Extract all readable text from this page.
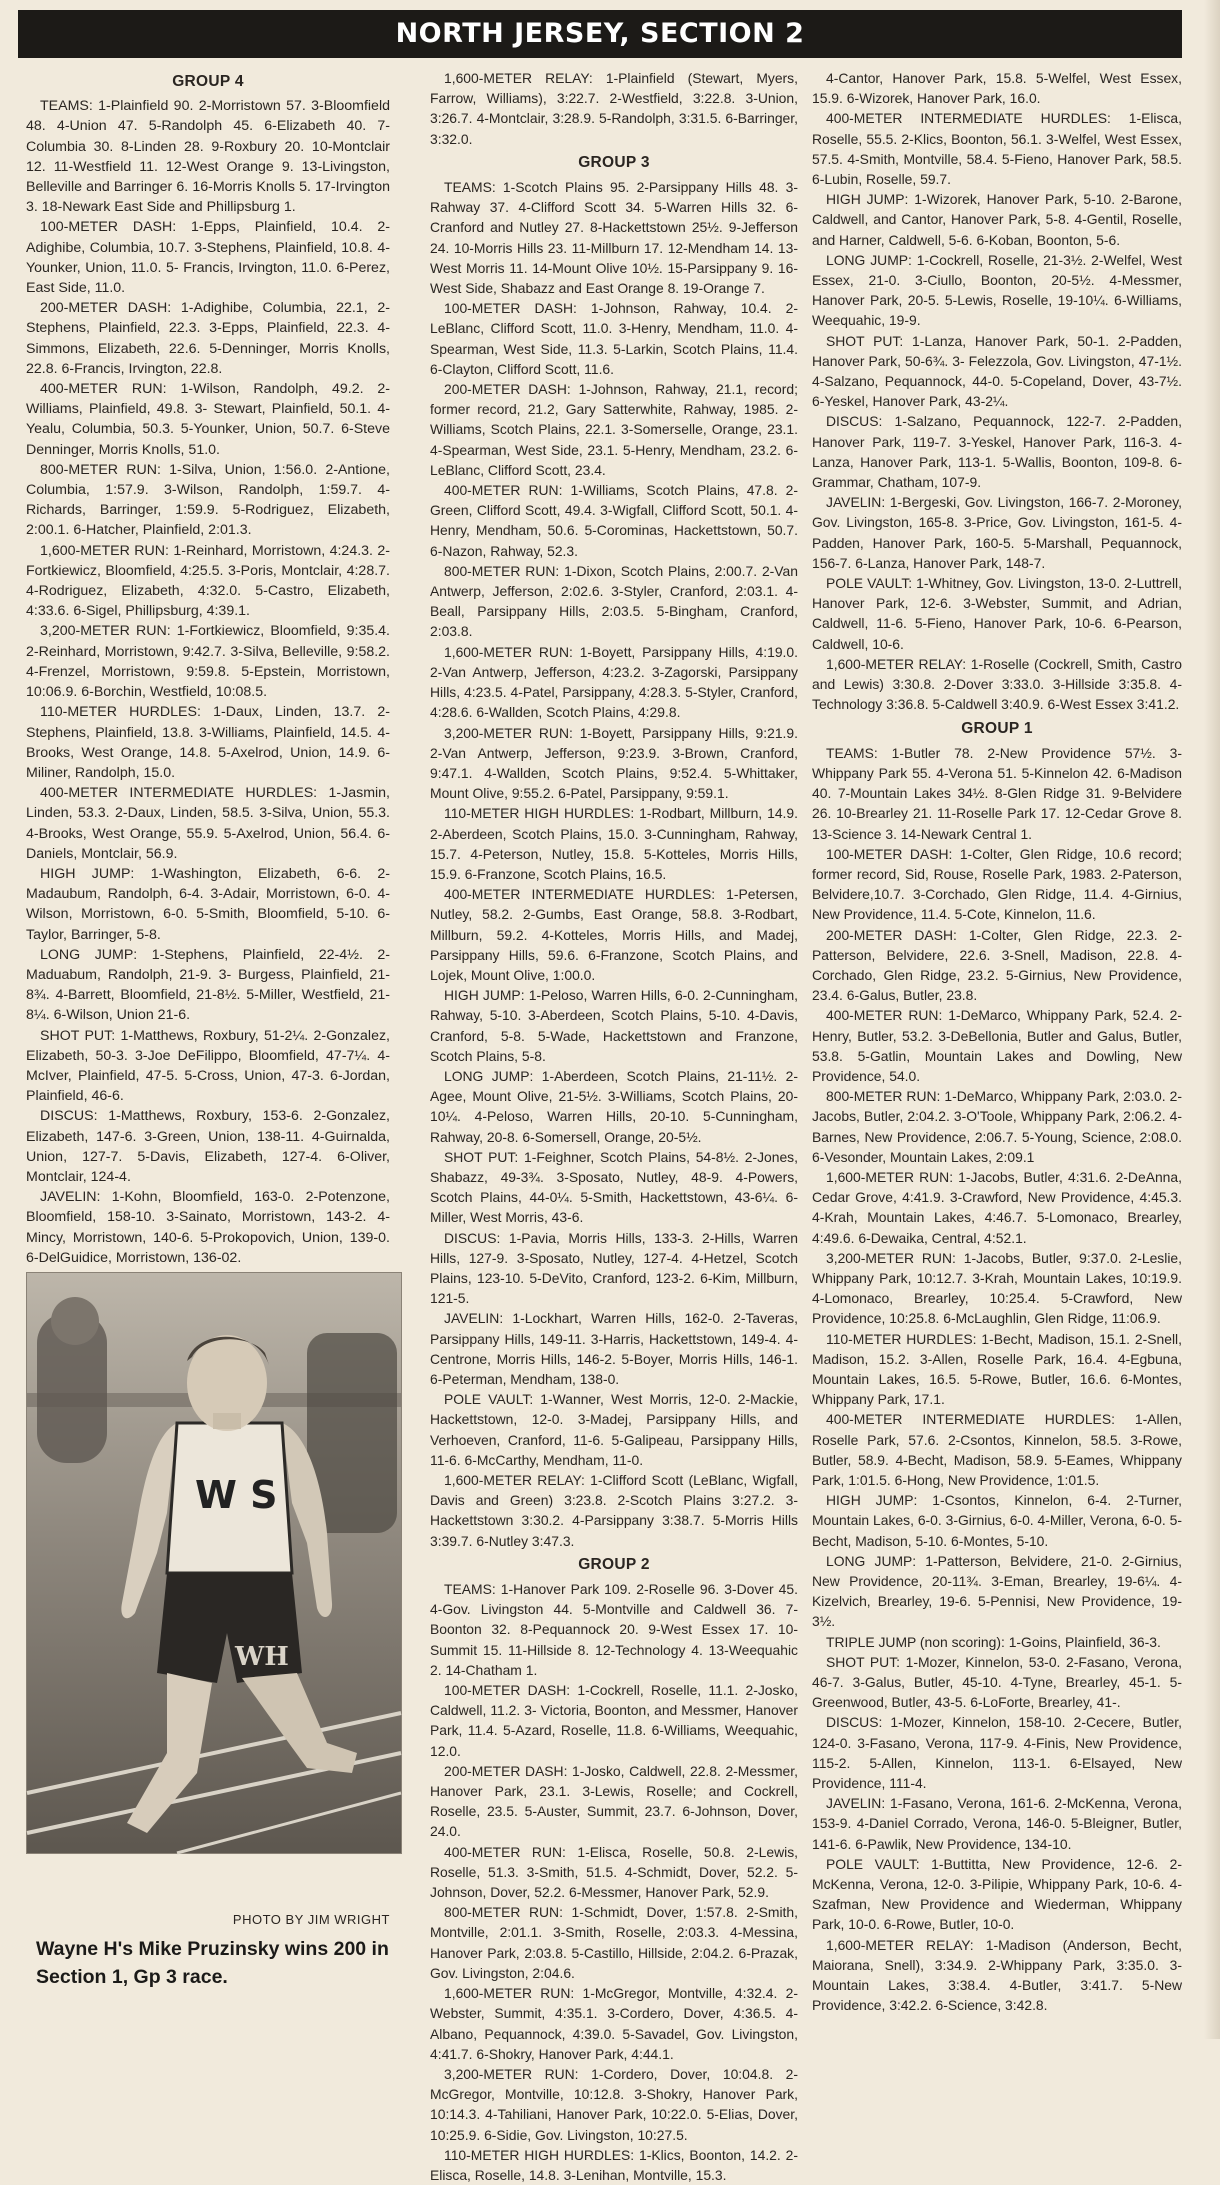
NORTH JERSEY, SECTION 2
GROUP 4

TEAMS: 1-Plainfield 90. 2-Morristown 57. 3-Bloomfield 48. 4-Union 47. 5-Randolph 45. 6-Elizabeth 40. 7-Columbia 30. 8-Linden 28. 9-Roxbury 20. 10-Montclair 12. 11-Westfield 11. 12-West Orange 9. 13-Livingston, Belleville and Barringer 6. 16-Morris Knolls 5. 17-Irvington 3. 18-Newark East Side and Phillipsburg 1.

100-METER DASH: 1-Epps, Plainfield, 10.4. 2-Adighibe, Columbia, 10.7. 3-Stephens, Plainfield, 10.8. 4-Younker, Union, 11.0. 5- Francis, Irvington, 11.0. 6-Perez, East Side, 11.0.

200-METER DASH: 1-Adighibe, Columbia, 22.1, 2-Stephens, Plainfield, 22.3. 3-Epps, Plainfield, 22.3. 4-Simmons, Elizabeth, 22.6. 5-Denninger, Morris Knolls, 22.8. 6-Francis, Irvington, 22.8.

400-METER RUN: 1-Wilson, Randolph, 49.2. 2-Williams, Plainfield, 49.8. 3- Stewart, Plainfield, 50.1. 4-Yealu, Columbia, 50.3. 5-Younker, Union, 50.7. 6-Steve Denninger, Morris Knolls, 51.0.

800-METER RUN: 1-Silva, Union, 1:56.0. 2-Antione, Columbia, 1:57.9. 3-Wilson, Randolph, 1:59.7. 4-Richards, Barringer, 1:59.9. 5-Rodriguez, Elizabeth, 2:00.1. 6-Hatcher, Plainfield, 2:01.3.

1,600-METER RUN: 1-Reinhard, Morristown, 4:24.3. 2-Fortkiewicz, Bloomfield, 4:25.5. 3-Poris, Montclair, 4:28.7. 4-Rodriguez, Elizabeth, 4:32.0. 5-Castro, Elizabeth, 4:33.6. 6-Sigel, Phillipsburg, 4:39.1.

3,200-METER RUN: 1-Fortkiewicz, Bloomfield, 9:35.4. 2-Reinhard, Morristown, 9:42.7. 3-Silva, Belleville, 9:58.2. 4-Frenzel, Morristown, 9:59.8. 5-Epstein, Morristown, 10:06.9. 6-Borchin, Westfield, 10:08.5.

110-METER HURDLES: 1-Daux, Linden, 13.7. 2-Stephens, Plainfield, 13.8. 3-Williams, Plainfield, 14.5. 4-Brooks, West Orange, 14.8. 5-Axelrod, Union, 14.9. 6-Miliner, Randolph, 15.0.

400-METER INTERMEDIATE HURDLES: 1-Jasmin, Linden, 53.3. 2-Daux, Linden, 58.5. 3-Silva, Union, 55.3. 4-Brooks, West Orange, 55.9. 5-Axelrod, Union, 56.4. 6-Daniels, Montclair, 56.9.

HIGH JUMP: 1-Washington, Elizabeth, 6-6. 2-Madaubum, Randolph, 6-4. 3-Adair, Morristown, 6-0. 4-Wilson, Morristown, 6-0. 5-Smith, Bloomfield, 5-10. 6-Taylor, Barringer, 5-8.

LONG JUMP: 1-Stephens, Plainfield, 22-4½. 2-Maduabum, Randolph, 21-9. 3- Burgess, Plainfield, 21-8¾. 4-Barrett, Bloomfield, 21-8½. 5-Miller, Westfield, 21-8¼. 6-Wilson, Union 21-6.

SHOT PUT: 1-Matthews, Roxbury, 51-2¼. 2-Gonzalez, Elizabeth, 50-3. 3-Joe DeFilippo, Bloomfield, 47-7¼. 4-McIver, Plainfield, 47-5. 5-Cross, Union, 47-3. 6-Jordan, Plainfield, 46-6.

DISCUS: 1-Matthews, Roxbury, 153-6. 2-Gonzalez, Elizabeth, 147-6. 3-Green, Union, 138-11. 4-Guirnalda, Union, 127-7. 5-Davis, Elizabeth, 127-4. 6-Oliver, Montclair, 124-4.

JAVELIN: 1-Kohn, Bloomfield, 163-0. 2-Potenzone, Bloomfield, 158-10. 3-Sainato, Morristown, 143-2. 4-Mincy, Morristown, 140-6. 5-Prokopovich, Union, 139-0. 6-DelGuidice, Morristown, 136-02.

W S
WH
PHOTO BY JIM WRIGHT
Wayne H's Mike Pruzinsky wins 200 in Section 1, Gp 3 race.

1,600-METER RELAY: 1-Plainfield (Stewart, Myers, Farrow, Williams), 3:22.7. 2-Westfield, 3:22.8. 3-Union, 3:26.7. 4-Montclair, 3:28.9. 5-Randolph, 3:31.5. 6-Barringer, 3:32.0.

GROUP 3

TEAMS: 1-Scotch Plains 95. 2-Parsippany Hills 48. 3-Rahway 37. 4-Clifford Scott 34. 5-Warren Hills 32. 6-Cranford and Nutley 27. 8-Hackettstown 25½. 9-Jefferson 24. 10-Morris Hills 23. 11-Millburn 17. 12-Mendham 14. 13-West Morris 11. 14-Mount Olive 10½. 15-Parsippany 9. 16-West Side, Shabazz and East Orange 8. 19-Orange 7.

100-METER DASH: 1-Johnson, Rahway, 10.4. 2-LeBlanc, Clifford Scott, 11.0. 3-Henry, Mendham, 11.0. 4-Spearman, West Side, 11.3. 5-Larkin, Scotch Plains, 11.4. 6-Clayton, Clifford Scott, 11.6.

200-METER DASH: 1-Johnson, Rahway, 21.1, record; former record, 21.2, Gary Satterwhite, Rahway, 1985. 2-Williams, Scotch Plains, 22.1. 3-Somerselle, Orange, 23.1. 4-Spearman, West Side, 23.1. 5-Henry, Mendham, 23.2. 6-LeBlanc, Clifford Scott, 23.4.

400-METER RUN: 1-Williams, Scotch Plains, 47.8. 2-Green, Clifford Scott, 49.4. 3-Wigfall, Clifford Scott, 50.1. 4-Henry, Mendham, 50.6. 5-Corominas, Hackettstown, 50.7. 6-Nazon, Rahway, 52.3.

800-METER RUN: 1-Dixon, Scotch Plains, 2:00.7. 2-Van Antwerp, Jefferson, 2:02.6. 3-Styler, Cranford, 2:03.1. 4-Beall, Parsippany Hills, 2:03.5. 5-Bingham, Cranford, 2:03.8.

1,600-METER RUN: 1-Boyett, Parsippany Hills, 4:19.0. 2-Van Antwerp, Jefferson, 4:23.2. 3-Zagorski, Parsippany Hills, 4:23.5. 4-Patel, Parsippany, 4:28.3. 5-Styler, Cranford, 4:28.6. 6-Wallden, Scotch Plains, 4:29.8.

3,200-METER RUN: 1-Boyett, Parsippany Hills, 9:21.9. 2-Van Antwerp, Jefferson, 9:23.9. 3-Brown, Cranford, 9:47.1. 4-Wallden, Scotch Plains, 9:52.4. 5-Whittaker, Mount Olive, 9:55.2. 6-Patel, Parsippany, 9:59.1.

110-METER HIGH HURDLES: 1-Rodbart, Millburn, 14.9. 2-Aberdeen, Scotch Plains, 15.0. 3-Cunningham, Rahway, 15.7. 4-Peterson, Nutley, 15.8. 5-Kotteles, Morris Hills, 15.9. 6-Franzone, Scotch Plains, 16.5.

400-METER INTERMEDIATE HURDLES: 1-Petersen, Nutley, 58.2. 2-Gumbs, East Orange, 58.8. 3-Rodbart, Millburn, 59.2. 4-Kotteles, Morris Hills, and Madej, Parsippany Hills, 59.6. 6-Franzone, Scotch Plains, and Lojek, Mount Olive, 1:00.0.

HIGH JUMP: 1-Peloso, Warren Hills, 6-0. 2-Cunningham, Rahway, 5-10. 3-Aberdeen, Scotch Plains, 5-10. 4-Davis, Cranford, 5-8. 5-Wade, Hackettstown and Franzone, Scotch Plains, 5-8.

LONG JUMP: 1-Aberdeen, Scotch Plains, 21-11½. 2-Agee, Mount Olive, 21-5½. 3-Williams, Scotch Plains, 20-10¼. 4-Peloso, Warren Hills, 20-10. 5-Cunningham, Rahway, 20-8. 6-Somersell, Orange, 20-5½.

SHOT PUT: 1-Feighner, Scotch Plains, 54-8½. 2-Jones, Shabazz, 49-3¾. 3-Sposato, Nutley, 48-9. 4-Powers, Scotch Plains, 44-0¼. 5-Smith, Hackettstown, 43-6¼. 6-Miller, West Morris, 43-6.

DISCUS: 1-Pavia, Morris Hills, 133-3. 2-Hills, Warren Hills, 127-9. 3-Sposato, Nutley, 127-4. 4-Hetzel, Scotch Plains, 123-10. 5-DeVito, Cranford, 123-2. 6-Kim, Millburn, 121-5.

JAVELIN: 1-Lockhart, Warren Hills, 162-0. 2-Taveras, Parsippany Hills, 149-11. 3-Harris, Hackettstown, 149-4. 4-Centrone, Morris Hills, 146-2. 5-Boyer, Morris Hills, 146-1. 6-Peterman, Mendham, 138-0.

POLE VAULT: 1-Wanner, West Morris, 12-0. 2-Mackie, Hackettstown, 12-0. 3-Madej, Parsippany Hills, and Verhoeven, Cranford, 11-6. 5-Galipeau, Parsippany Hills, 11-6. 6-McCarthy, Mendham, 11-0.

1,600-METER RELAY: 1-Clifford Scott (LeBlanc, Wigfall, Davis and Green) 3:23.8. 2-Scotch Plains 3:27.2. 3-Hackettstown 3:30.2. 4-Parsippany 3:38.7. 5-Morris Hills 3:39.7. 6-Nutley 3:47.3.

GROUP 2

TEAMS: 1-Hanover Park 109. 2-Roselle 96. 3-Dover 45. 4-Gov. Livingston 44. 5-Montville and Caldwell 36. 7-Boonton 32. 8-Pequannock 20. 9-West Essex 17. 10-Summit 15. 11-Hillside 8. 12-Technology 4. 13-Weequahic 2. 14-Chatham 1.

100-METER DASH: 1-Cockrell, Roselle, 11.1. 2-Josko, Caldwell, 11.2. 3- Victoria, Boonton, and Messmer, Hanover Park, 11.4. 5-Azard, Roselle, 11.8. 6-Williams, Weequahic, 12.0.

200-METER DASH: 1-Josko, Caldwell, 22.8. 2-Messmer, Hanover Park, 23.1. 3-Lewis, Roselle; and Cockrell, Roselle, 23.5. 5-Auster, Summit, 23.7. 6-Johnson, Dover, 24.0.

400-METER RUN: 1-Elisca, Roselle, 50.8. 2-Lewis, Roselle, 51.3. 3-Smith, 51.5. 4-Schmidt, Dover, 52.2. 5-Johnson, Dover, 52.2. 6-Messmer, Hanover Park, 52.9.

800-METER RUN: 1-Schmidt, Dover, 1:57.8. 2-Smith, Montville, 2:01.1. 3-Smith, Roselle, 2:03.3. 4-Messina, Hanover Park, 2:03.8. 5-Castillo, Hillside, 2:04.2. 6-Prazak, Gov. Livingston, 2:04.6.

1,600-METER RUN: 1-McGregor, Montville, 4:32.4. 2-Webster, Summit, 4:35.1. 3-Cordero, Dover, 4:36.5. 4-Albano, Pequannock, 4:39.0. 5-Savadel, Gov. Livingston, 4:41.7. 6-Shokry, Hanover Park, 4:44.1.

3,200-METER RUN: 1-Cordero, Dover, 10:04.8. 2-McGregor, Montville, 10:12.8. 3-Shokry, Hanover Park, 10:14.3. 4-Tahiliani, Hanover Park, 10:22.0. 5-Elias, Dover, 10:25.9. 6-Sidie, Gov. Livingston, 10:27.5.

110-METER HIGH HURDLES: 1-Klics, Boonton, 14.2. 2-Elisca, Roselle, 14.8. 3-Lenihan, Montville, 15.3.

4-Cantor, Hanover Park, 15.8. 5-Welfel, West Essex, 15.9. 6-Wizorek, Hanover Park, 16.0.

400-METER INTERMEDIATE HURDLES: 1-Elisca, Roselle, 55.5. 2-Klics, Boonton, 56.1. 3-Welfel, West Essex, 57.5. 4-Smith, Montville, 58.4. 5-Fieno, Hanover Park, 58.5. 6-Lubin, Roselle, 59.7.

HIGH JUMP: 1-Wizorek, Hanover Park, 5-10. 2-Barone, Caldwell, and Cantor, Hanover Park, 5-8. 4-Gentil, Roselle, and Harner, Caldwell, 5-6. 6-Koban, Boonton, 5-6.

LONG JUMP: 1-Cockrell, Roselle, 21-3½. 2-Welfel, West Essex, 21-0. 3-Ciullo, Boonton, 20-5½. 4-Messmer, Hanover Park, 20-5. 5-Lewis, Roselle, 19-10¼. 6-Williams, Weequahic, 19-9.

SHOT PUT: 1-Lanza, Hanover Park, 50-1. 2-Padden, Hanover Park, 50-6¾. 3- Felezzola, Gov. Livingston, 47-1½. 4-Salzano, Pequannock, 44-0. 5-Copeland, Dover, 43-7½. 6-Yeskel, Hanover Park, 43-2¼.

DISCUS: 1-Salzano, Pequannock, 122-7. 2-Padden, Hanover Park, 119-7. 3-Yeskel, Hanover Park, 116-3. 4-Lanza, Hanover Park, 113-1. 5-Wallis, Boonton, 109-8. 6-Grammar, Chatham, 107-9.

JAVELIN: 1-Bergeski, Gov. Livingston, 166-7. 2-Moroney, Gov. Livingston, 165-8. 3-Price, Gov. Livingston, 161-5. 4-Padden, Hanover Park, 160-5. 5-Marshall, Pequannock, 156-7. 6-Lanza, Hanover Park, 148-7.

POLE VAULT: 1-Whitney, Gov. Livingston, 13-0. 2-Luttrell, Hanover Park, 12-6. 3-Webster, Summit, and Adrian, Caldwell, 11-6. 5-Fieno, Hanover Park, 10-6. 6-Pearson, Caldwell, 10-6.

1,600-METER RELAY: 1-Roselle (Cockrell, Smith, Castro and Lewis) 3:30.8. 2-Dover 3:33.0. 3-Hillside 3:35.8. 4-Technology 3:36.8. 5-Caldwell 3:40.9. 6-West Essex 3:41.2.

GROUP 1

TEAMS: 1-Butler 78. 2-New Providence 57½. 3-Whippany Park 55. 4-Verona 51. 5-Kinnelon 42. 6-Madison 40. 7-Mountain Lakes 34½. 8-Glen Ridge 31. 9-Belvidere 26. 10-Brearley 21. 11-Roselle Park 17. 12-Cedar Grove 8. 13-Science 3. 14-Newark Central 1.

100-METER DASH: 1-Colter, Glen Ridge, 10.6 record; former record, Sid, Rouse, Roselle Park, 1983. 2-Paterson, Belvidere,10.7. 3-Corchado, Glen Ridge, 11.4. 4-Girnius, New Providence, 11.4. 5-Cote, Kinnelon, 11.6.

200-METER DASH: 1-Colter, Glen Ridge, 22.3. 2-Patterson, Belvidere, 22.6. 3-Snell, Madison, 22.8. 4-Corchado, Glen Ridge, 23.2. 5-Girnius, New Providence, 23.4. 6-Galus, Butler, 23.8.

400-METER RUN: 1-DeMarco, Whippany Park, 52.4. 2-Henry, Butler, 53.2. 3-DeBellonia, Butler and Galus, Butler, 53.8. 5-Gatlin, Mountain Lakes and Dowling, New Providence, 54.0.

800-METER RUN: 1-DeMarco, Whippany Park, 2:03.0. 2-Jacobs, Butler, 2:04.2. 3-O'Toole, Whippany Park, 2:06.2. 4-Barnes, New Providence, 2:06.7. 5-Young, Science, 2:08.0. 6-Vesonder, Mountain Lakes, 2:09.1

1,600-METER RUN: 1-Jacobs, Butler, 4:31.6. 2-DeAnna, Cedar Grove, 4:41.9. 3-Crawford, New Providence, 4:45.3. 4-Krah, Mountain Lakes, 4:46.7. 5-Lomonaco, Brearley, 4:49.6. 6-Dewaika, Central, 4:52.1.

3,200-METER RUN: 1-Jacobs, Butler, 9:37.0. 2-Leslie, Whippany Park, 10:12.7. 3-Krah, Mountain Lakes, 10:19.9. 4-Lomonaco, Brearley, 10:25.4. 5-Crawford, New Providence, 10:25.8. 6-McLaughlin, Glen Ridge, 11:06.9.

110-METER HURDLES: 1-Becht, Madison, 15.1. 2-Snell, Madison, 15.2. 3-Allen, Roselle Park, 16.4. 4-Egbuna, Mountain Lakes, 16.5. 5-Rowe, Butler, 16.6. 6-Montes, Whippany Park, 17.1.

400-METER INTERMEDIATE HURDLES: 1-Allen, Roselle Park, 57.6. 2-Csontos, Kinnelon, 58.5. 3-Rowe, Butler, 58.9. 4-Becht, Madison, 58.9. 5-Eames, Whippany Park, 1:01.5. 6-Hong, New Providence, 1:01.5.

HIGH JUMP: 1-Csontos, Kinnelon, 6-4. 2-Turner, Mountain Lakes, 6-0. 3-Girnius, 6-0. 4-Miller, Verona, 6-0. 5-Becht, Madison, 5-10. 6-Montes, 5-10.

LONG JUMP: 1-Patterson, Belvidere, 21-0. 2-Girnius, New Providence, 20-11¾. 3-Eman, Brearley, 19-6¼. 4-Kizelvich, Brearley, 19-6. 5-Pennisi, New Providence, 19-3½.

TRIPLE JUMP (non scoring): 1-Goins, Plainfield, 36-3.

SHOT PUT: 1-Mozer, Kinnelon, 53-0. 2-Fasano, Verona, 46-7. 3-Galus, Butler, 45-10. 4-Tyne, Brearley, 45-1. 5-Greenwood, Butler, 43-5. 6-LoForte, Brearley, 41-.

DISCUS: 1-Mozer, Kinnelon, 158-10. 2-Cecere, Butler, 124-0. 3-Fasano, Verona, 117-9. 4-Finis, New Providence, 115-2. 5-Allen, Kinnelon, 113-1. 6-Elsayed, New Providence, 111-4.

JAVELIN: 1-Fasano, Verona, 161-6. 2-McKenna, Verona, 153-9. 4-Daniel Corrado, Verona, 146-0. 5-Bleigner, Butler, 141-6. 6-Pawlik, New Providence, 134-10.

POLE VAULT: 1-Buttitta, New Providence, 12-6. 2-McKenna, Verona, 12-0. 3-Pilipie, Whippany Park, 10-6. 4-Szafman, New Providence and Wiederman, Whippany Park, 10-0. 6-Rowe, Butler, 10-0.

1,600-METER RELAY: 1-Madison (Anderson, Becht, Maiorana, Snell), 3:34.9. 2-Whippany Park, 3:35.0. 3-Mountain Lakes, 3:38.4. 4-Butler, 3:41.7. 5-New Providence, 3:42.2. 6-Science, 3:42.8.
